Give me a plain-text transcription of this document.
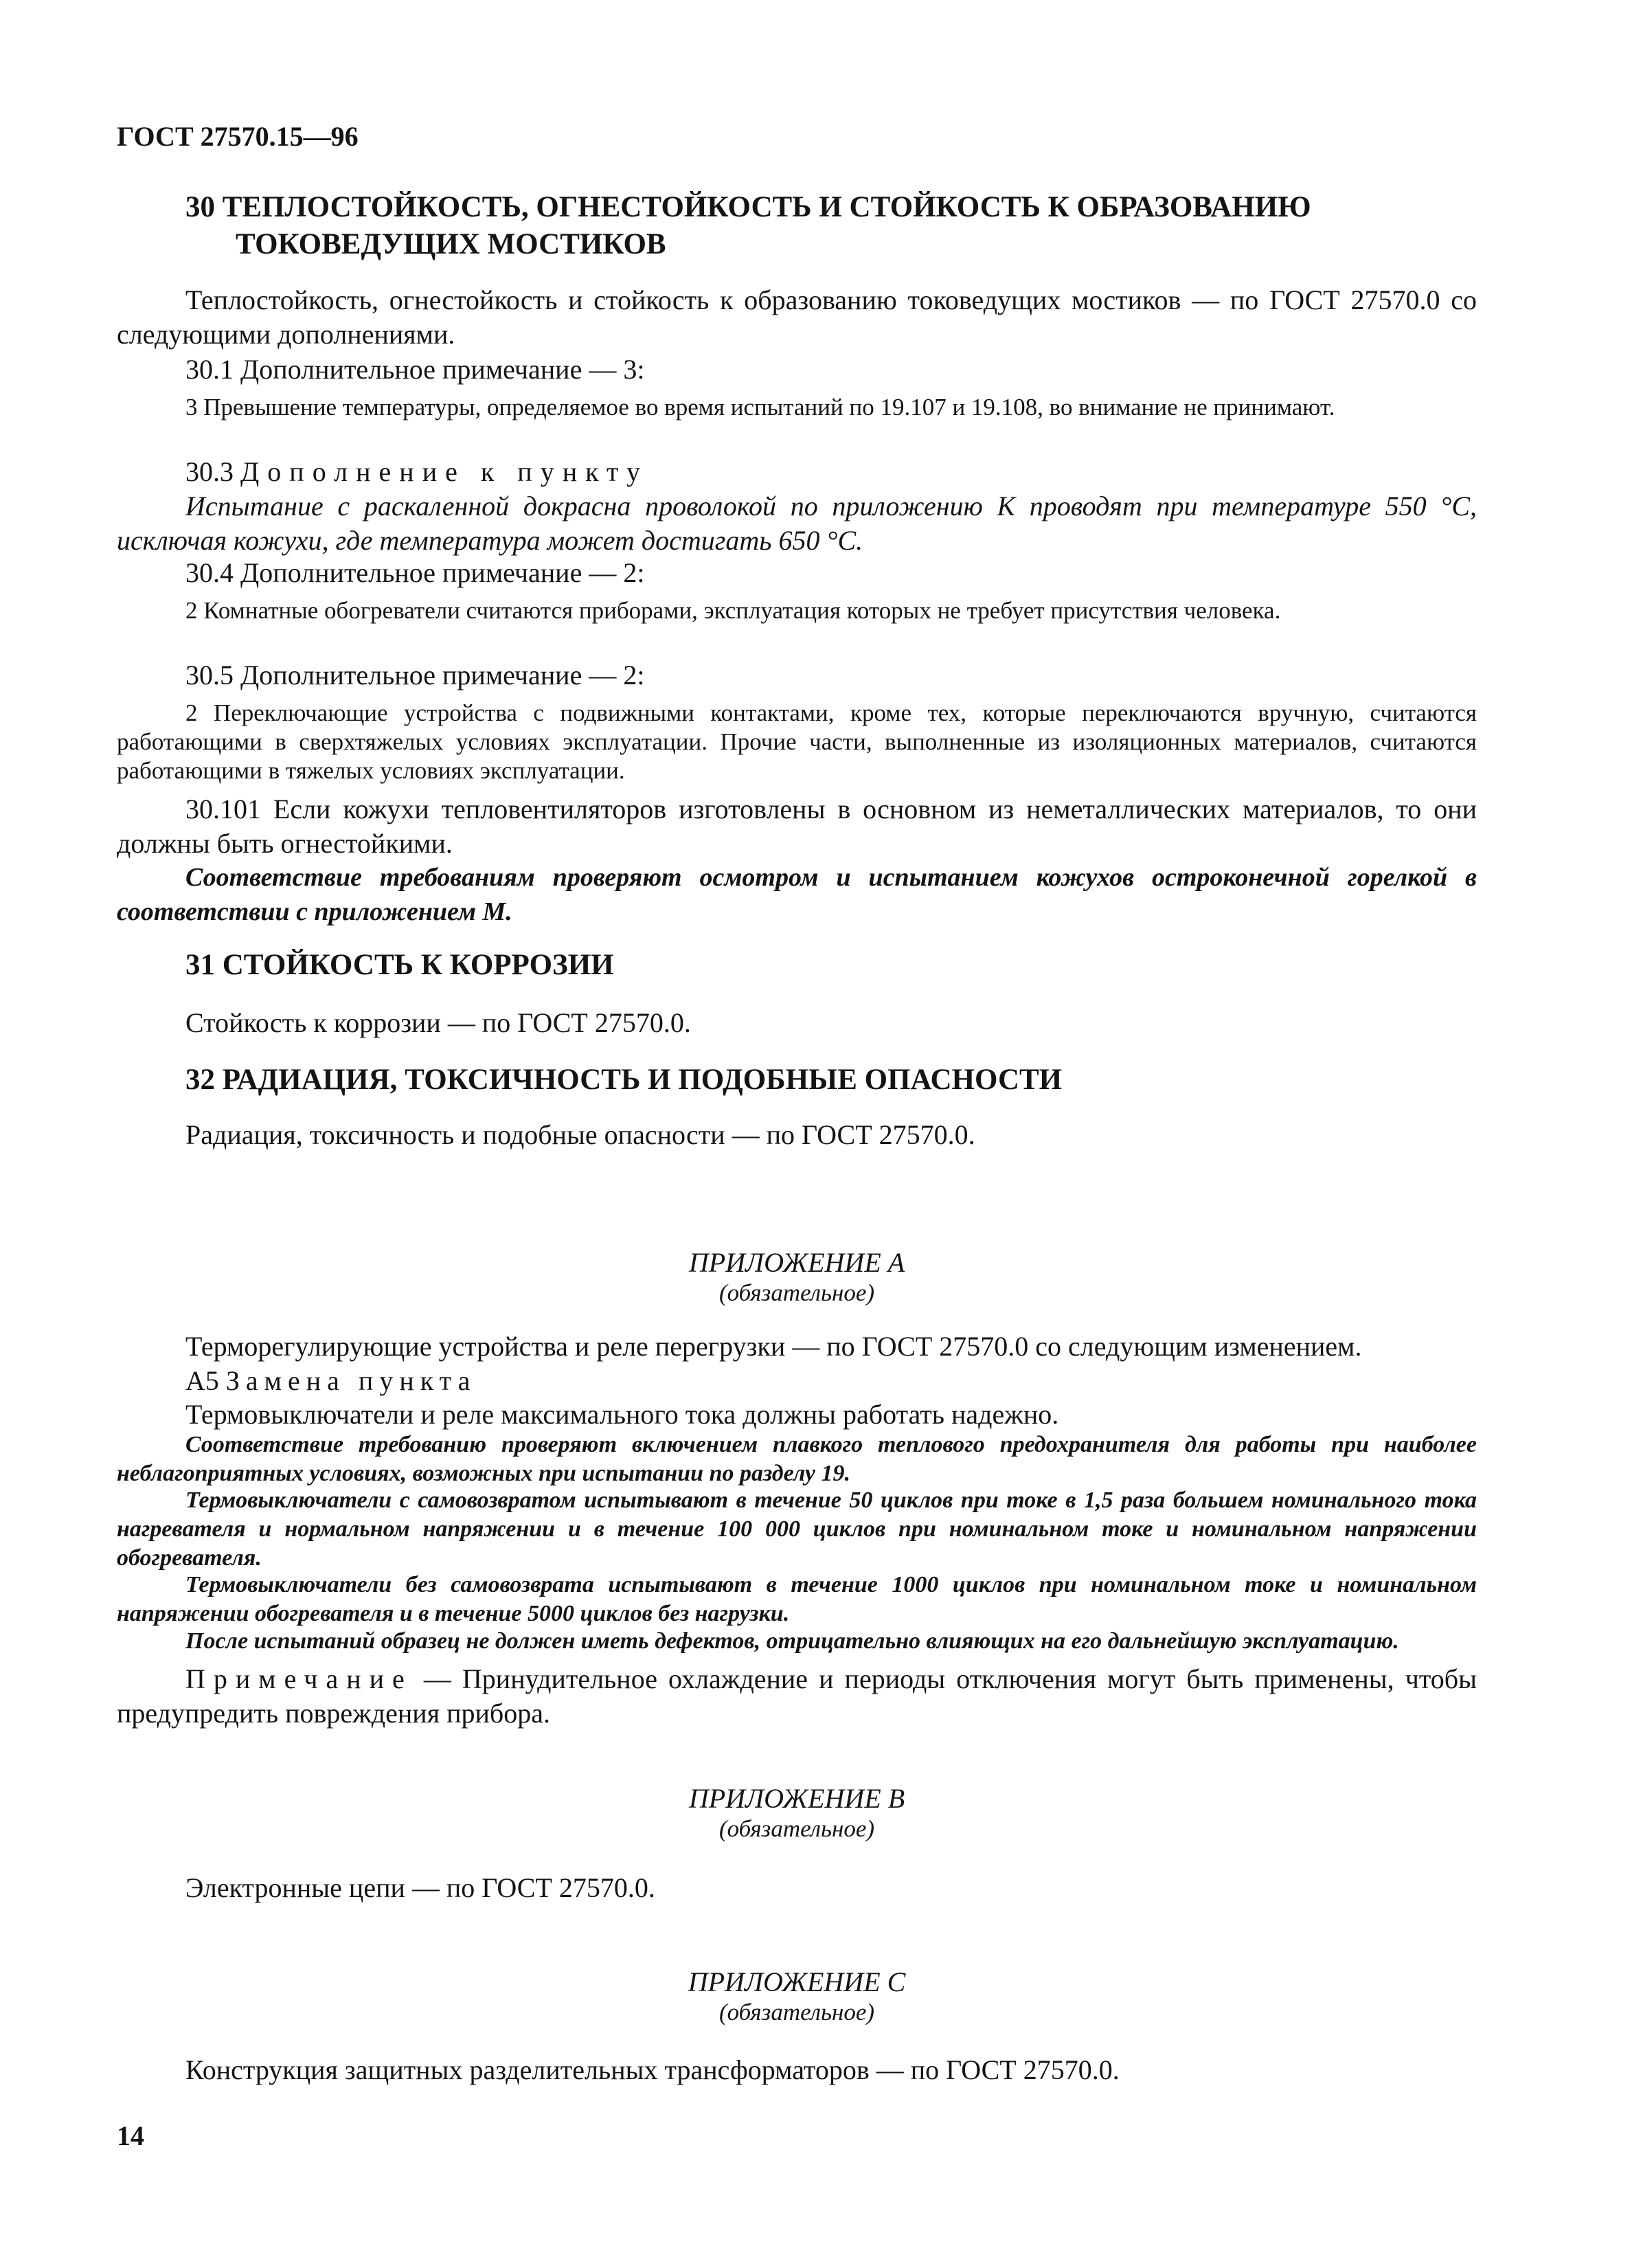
ГОСТ 27570.15—96
30 ТЕПЛОСТОЙКОСТЬ, ОГНЕСТОЙКОСТЬ И СТОЙКОСТЬ К ОБРАЗОВАНИЮ
ТОКОВЕДУЩИХ МОСТИКОВ
Теплостойкость, огнестойкость и стойкость к образованию токоведущих мостиков — по ГОСТ 27570.0 со следующими дополнениями.
30.1 Дополнительное примечание — 3:
3 Превышение температуры, определяемое во время испытаний по 19.107 и 19.108, во внимание не принимают.
30.3 Дополнение к пункту
Испытание с раскаленной докрасна проволокой по приложению К проводят при температуре 550 °С, исключая кожухи, где температура может достигать 650 °С.
30.4 Дополнительное примечание — 2:
2 Комнатные обогреватели считаются приборами, эксплуатация которых не требует присутствия человека.
30.5 Дополнительное примечание — 2:
2 Переключающие устройства с подвижными контактами, кроме тех, которые переключаются вручную, считаются работающими в сверхтяжелых условиях эксплуатации. Прочие части, выполненные из изоляционных материалов, считаются работающими в тяжелых условиях эксплуатации.
30.101 Если кожухи тепловентиляторов изготовлены в основном из неметаллических материалов, то они должны быть огнестойкими.
Соответствие требованиям проверяют осмотром и испытанием кожухов остроконечной горелкой в соответствии с приложением М.
31 СТОЙКОСТЬ К КОРРОЗИИ
Стойкость к коррозии — по ГОСТ 27570.0.
32 РАДИАЦИЯ, ТОКСИЧНОСТЬ И ПОДОБНЫЕ ОПАСНОСТИ
Радиация, токсичность и подобные опасности — по ГОСТ 27570.0.
ПРИЛОЖЕНИЕ А
(обязательное)
Терморегулирующие устройства и реле перегрузки — по ГОСТ 27570.0 со следующим изменением.
А5 Замена пункта
Термовыключатели и реле максимального тока должны работать надежно.
Соответствие требованию проверяют включением плавкого теплового предохранителя для работы при наиболее неблагоприятных условиях, возможных при испытании по разделу 19.
Термовыключатели с самовозвратом испытывают в течение 50 циклов при токе в 1,5 раза большем номинального тока нагревателя и нормальном напряжении и в течение 100 000 циклов при номинальном токе и номинальном напряжении обогревателя.
Термовыключатели без самовозврата испытывают в течение 1000 циклов при номинальном токе и номинальном напряжении обогревателя и в течение 5000 циклов без нагрузки.
После испытаний образец не должен иметь дефектов, отрицательно влияющих на его дальнейшую эксплуатацию.
Примечание — Принудительное охлаждение и периоды отключения могут быть применены, чтобы предупредить повреждения прибора.
ПРИЛОЖЕНИЕ В
(обязательное)
Электронные цепи — по ГОСТ 27570.0.
ПРИЛОЖЕНИЕ С
(обязательное)
Конструкция защитных разделительных трансформаторов — по ГОСТ 27570.0.
14
